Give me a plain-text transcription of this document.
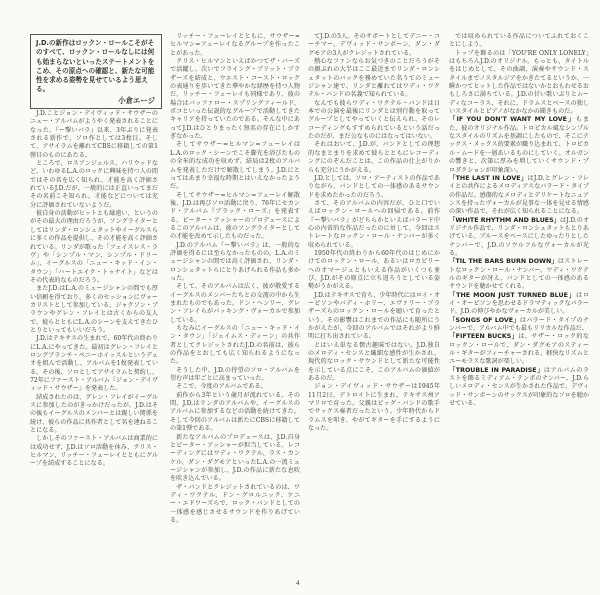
J.D.の新作はロックン・ロールこそがそのすべて、ロックン・ロールなしには何も始まらないといったステートメントをこめ、その原点への確認と、新たな可能性を求める姿勢を見せているよう思える。
小倉エージ

J.D.ことジョン・デイヴィッド・サウザーのニュー・アルバムがようやく発表されることになった。『ー撃いバラ』以来、3年ぶりに発表される新作で、ソロ作としては3枚目。そして、アサイラムを離れてCBSに移籍しての第1弾目のものにあたる。

ところで、ロスアンジェルス、ハリウッドなど、いわゆるL.A.のロックに興味を持つ人の間ではその名を広く知られ、才能を高く評価されているJ.D.だが、一般的には正直いってまだその名前こそ知られ、才能などについては充分に評価されていないようだ。

彼自身の活動がヒットとも縁遠い、というのがその最大の理由だろうが、ソングライターとしてはリンダ・ロンシュタットやイーグルスらに多くの作品を提供し、その才能を高く評価されている。リンダが歌った「フェイスレス・ラヴ」や「シンプル・マン、シンプル・ドリーム」、イーグルスの「ニュー・キッド・イン・タウン」「ハートエイク・トゥナイト」などはその代表的なものだろう。

またJ.D.はL.A.のミュージシャンの間でも厚い信頼を得ており、多くのセッションにヴォーカリストとして参加している。ジャクソン・ブラウンやグレン・フレイとは古くからの友人で、彼らとともにL.A.のシーンを支えてきたひとりといってもいいだろう。

J.D.はテキサスの生まれで、60年代の終わりにL.A.にやってきた。最初はグレン・フレイとロングブランチ・ペニーホイッスルというデュオを組んで活動し、アルバムを1枚発表している。その後、ソロとしてアサイラムと契約し、72年にファースト・アルバム『ジョン・デイヴィッド・サウザー』を発表した。

結成されたのは、グレン・フレイがイーグルスに参加したのがきっかけだったが、J.D.はその後もイーグルスのメンバーとは親しい関係を続け、彼らの作品に共作者として名を連ねることになる。

しかしそのファースト・アルバムは商業的には成功せず、J.D.はソロ活動を休み、クリス・ヒルマン、リッチー・フューレイとともにグループを結成することになる。

リッチー・フューレイとともに、サウザー=ヒルマン=フューレイなるグループを作ったことがあった。

クリス・ヒルマンといえばかつてザ・バーズで活躍し、次いでフライング・ブリット・ブラザーズを結成と、ウエスト・コースト・ロックの表通りを歩いてきた華やかな経歴を持つ人物だ。リッチー・フューレイも同様であり、彼の場合はバッファロー・スプリングフィールド、ポコといった伝説的なグループで活動してきたキャリアを持っていたのである。そんな中にあってJ.D.はひとりまったく無名の存在にしかすぎなかった。

そしてサウザー=ヒルマン=フューレイはL.A.のロック・シーンでこそ脚光を浴びたものの全米的な成功を収めず、結局は2枚のアルバムを発表しただけで解散してしまう。J.D.にとってはあまり幸福な時期とはいえなかったようだ。

そしてサウザー=ヒルマン=フューレイ解散後、J.D.は再びソロ活動に戻り、76年にセカンド・アルバム『ブラック・ローズ』を発表する。ピーター・アッシャーのプロデュースによるこのアルバムは、彼のソングライターとしての才能を改めて示したものだった。

J.D.のアルバム『ー撃いバラ』は、一般的な評価を得るには至らなかったものの、L.A.のミュージシャンの間では高く評価され、リンダ・ロンシュタットらにとりあげられる作品も多かった。

そして、そのアルバムは広く、彼が敬愛するイーグルスのメンバーたちとの交流の中から生まれたものでもあった。ドン・ヘンリー、グレン・フレイらがバッキング・ヴォーカルで参加している。

ちなみにイーグルスの「ニュー・キッド・イン・タウン」「ジェイムス・ディーン」の共作者としてクレジットされたJ.D.の名前は、彼らの作品をとおしても広く知られるようになった。

そうした中、J.D.の待望のソロ・アルバムを望む声は年ごとに高まっていった。

そこで、今度のアルバムである。

前作から3年という歳月が流れている。その間、J.D.はリンダのアルバムや、イーグルスのアルバムに参加するなどの活動を続けてきた。そして今回のアルバムは新たにCBSに移籍しての第1弾である。

新たなアルバムのプロデュースは、J.D.自身とピーター・アッシャーが担当している。レコーディングにはワディ・ワクテル、ラス・カンケル、ダン・ダグモアといったL.A.の一流ミュージシャンが参加し、J.D.の作品に新たな息吹を吹き込んでいる。

ザ・バンドとクレジットされているのは、ワディ・ワクテル、ドン・グロルニック、ケニー・エドワーズらで、ロック・バンドとしての一体感を感じさせるサウンドを作りあげている。

てJ.D.の5人。そのサポートとしてデニー・コーチマー、デヴィッド・サンボーン、ダン・ダグモアの3人がクレジットされている。

熱心なファンならお気づきのことだろうがその顔ぶれの大半はここ最近までリンダ・ロンシュタットのバックを務めていた名うてのミュージシャン達で、リンダと離れてはワディ・ワクテル・バンドの名義で知られている。

なんでも彼らワディ・ワクテル・バンドは日本での公演を最後にリンダとは別行動を取ってグループとしてやっていくと伝えられ、そのレコーディングもすすめられているという話だったのだが、まだ公なものにはなってはいない。

それはおいて、J.D.が、バンドとしての理想的なまとまりを求めて彼らとともにレコーディングにのぞんだことは、この作品の仕上がりからも充分にうかがえる。

J.D.としては、ソロ・アーティストの作品でありながら、バンドとしての一体感のあるサウンドを求めたかったのだろう。

さて、そのアルバムの内容だが、ひと口でいえばロックン・ロールへの回帰である。前作『ー撃いバラ』がどちらかといえばバラード中心の内省的な作品だったのに対して、今回はストレートなロックン・ロール・ナンバーが多く収められている。

1950年代の終わりから60年代のはじめにかけてのロックン・ロール、あるいはロカビリーへのオマージュともいえる作品がいくつも並び、J.D.がその原点に立ち返ろうとしている姿勢がうかがえる。

J.D.はテキサスで育ち、少年時代にはロイ・オービソンやバディ・ホリー、エヴァリー・ブラザーズらのロックン・ロールを聴いて育ったという。その影響はこれまでの作品にも随所にうかがえたが、今回のアルバムではそれがより鮮明に打ち出されている。

とはいえ単なる懐古趣味ではない。J.D.独自のメロディ・センスと繊細な感性が生かされ、現代的なロック・サウンドとして新たな可能性を示している点にこそ、このアルバムの価値があるのだ。

ジョン・デイヴィッド・サウザーは1945年11月2日、デトロイトに生まれ、テキサス州アマリロで育った。父親はビッグ・バンドの歌手でサックス奏者だったという。少年時代からドラムスを叩き、やがてギターを手にするようになった。

では収められている作品についてふれておくことにしよう。

トップを飾るのは「YOU'RE ONLY LONELY」はもちろんJ.D.のオリジナル。もっとも、タイトルをはじめとして、その曲調、演奏やサウンド・スタイルまでノスタルジアをかきたてるというか、一瞬かつてヒットした作品ではないかとおもわせるおもしろさに満ちている。J.D.の甘い歌いぶりとムーディなコーラス、それに、ドラムスとベースの独しいスタイルとピアノがなかなかの聞きものだ。

「IF YOU DON'T WANT MY LOVE」もまた、彼のオリジナル作品。トロピカル風なシンプルなスタイルのリズムを基調にしたもので、そこにテックス・メックス的要素が織り込まれて、トロピカル・ムードを一層あいるものにしていく。オルガンの響きと、次第に厚みを増していくサウンド・プロダクションが印象深い。

「THE LAST IN LOVE」はJ.D.とグレン・フレイとの共作によるメロディアスなバラード・タイプの作品だ。感傷的なメロディとデリケートなニュアンスを持ったヴォーカルが見事な一体を見せる情感の深い作品で、それが広く知られることになる。

「WHITE RHYTHM AND BLUES」はJ.D.のオリジナル作品で、リンダ・ロンシュタットもとりあげている。ブルースをベースにしたゆったりとしたナンバーで、J.D.のソウルフルなヴォーカルが光る。

「TIL THE BARS BURN DOWN」はストレートなロックン・ロール・ナンバー。ワディ・ワクテルのギターが冴え、バンドとしての一体感のあるサウンドを聴かせてくれる。

「THE MOON JUST TURNED BLUE」はロイ・オービソンを思わせるドラマティックなバラード。J.D.の伸びやかなヴォーカルが美しい。

「SONGS OF LOVE」はバラード・タイプのナンバーで、アルバム中でも最もリリカルな作品だ。

「FIFTEEN BUCKS」は、サザー・ロック的なロックン・ロールで、ダン・ダグモアのスティール・ギターがフィーチャーされる。軽快なリズムとユーモラスな歌詞が楽しい。

「TROUBLE IN PARADISE」はアルバムのラストを飾るミディアム・テンポのナンバー。J.D.らしいメロディ・センスが生かされた作品で、デヴィッド・サンボーンのサックスが印象的なソロを聴かせている。

4
